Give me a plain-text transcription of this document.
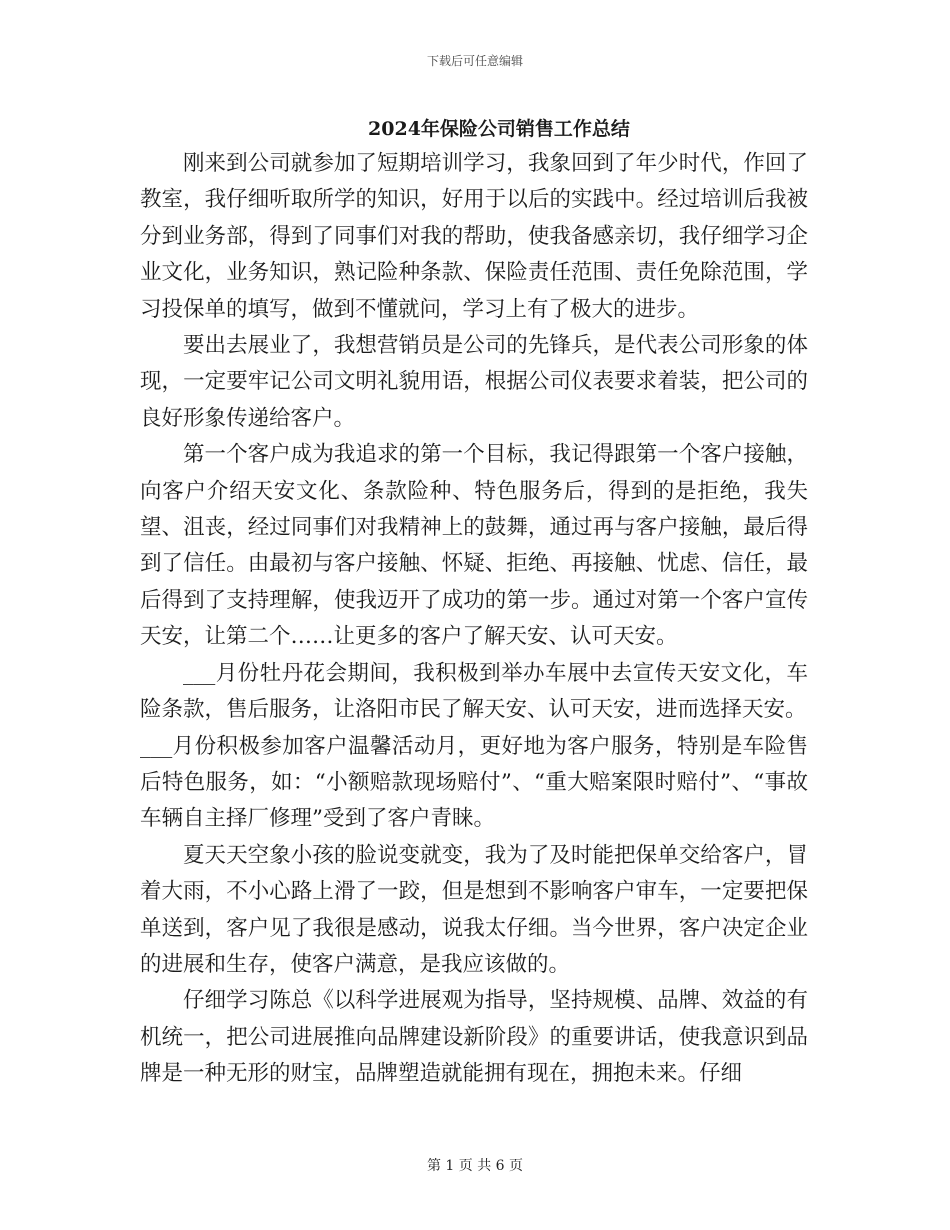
下载后可任意编辑
2024年保险公司销售工作总结

刚来到公司就参加了短期培训学习，我象回到了年少时代，作回了教室，我仔细听取所学的知识，好用于以后的实践中。经过培训后我被分到业务部，得到了同事们对我的帮助，使我备感亲切，我仔细学习企业文化，业务知识，熟记险种条款、保险责任范围、责任免除范围，学习投保单的填写，做到不懂就问，学习上有了极大的进步。

要出去展业了，我想营销员是公司的先锋兵，是代表公司形象的体现，一定要牢记公司文明礼貌用语，根据公司仪表要求着装，把公司的良好形象传递给客户。

第一个客户成为我追求的第一个目标，我记得跟第一个客户接触，向客户介绍天安文化、条款险种、特色服务后，得到的是拒绝，我失望、沮丧，经过同事们对我精神上的鼓舞，通过再与客户接触，最后得到了信任。由最初与客户接触、怀疑、拒绝、再接触、忧虑、信任，最后得到了支持理解，使我迈开了成功的第一步。通过对第一个客户宣传天安，让第二个……让更多的客户了解天安、认可天安。

___月份牡丹花会期间，我积极到举办车展中去宣传天安文化，车险条款，售后服务，让洛阳市民了解天安、认可天安，进而选择天安。

___月份积极参加客户温馨活动月，更好地为客户服务，特别是车险售后特色服务，如：“小额赔款现场赔付”、“重大赔案限时赔付”、“事故车辆自主择厂修理”受到了客户青睐。

夏天天空象小孩的脸说变就变，我为了及时能把保单交给客户，冒着大雨，不小心路上滑了一跤，但是想到不影响客户审车，一定要把保单送到，客户见了我很是感动，说我太仔细。当今世界，客户决定企业的进展和生存，使客户满意，是我应该做的。

仔细学习陈总《以科学进展观为指导，坚持规模、品牌、效益的有机统一，把公司进展推向品牌建设新阶段》的重要讲话，使我意识到品牌是一种无形的财宝，品牌塑造就能拥有现在，拥抱未来。仔细

第 1 页 共 6 页
